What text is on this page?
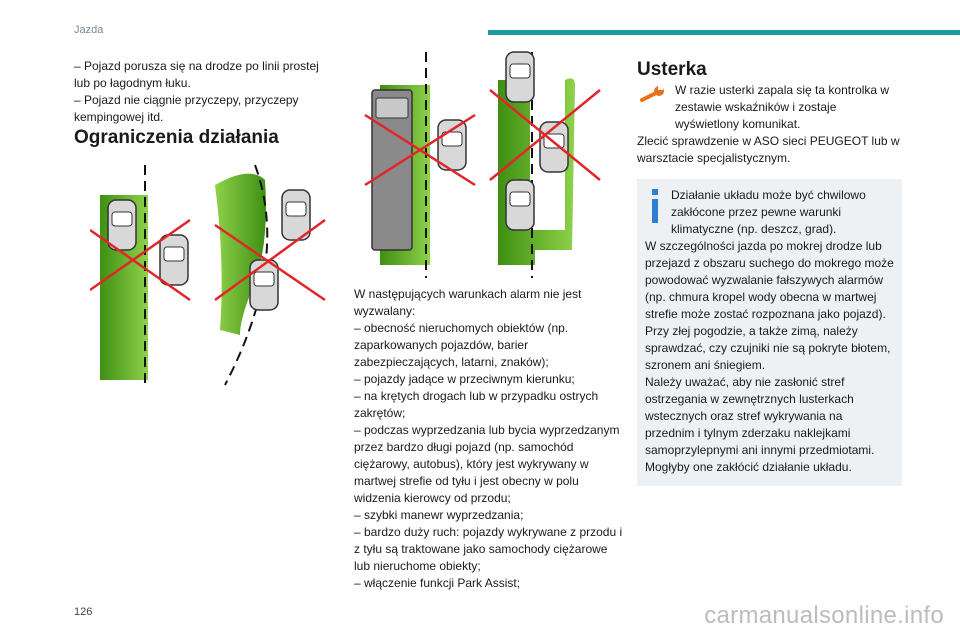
Jazda

– Pojazd porusza się na drodze po linii prostej lub po łagodnym łuku.

– Pojazd nie ciągnie przyczepy, przyczepy kempingowej itd.

Ograniczenia działania

W następujących warunkach alarm nie jest wyzwalany:

– obecność nieruchomych obiektów (np. zaparkowanych pojazdów, barier zabezpieczających, latarni, znaków);

– pojazdy jadące w przeciwnym kierunku;

– na krętych drogach lub w przypadku ostrych zakrętów;

– podczas wyprzedzania lub bycia wyprzedzanym przez bardzo długi pojazd (np. samochód ciężarowy, autobus), który jest wykrywany w martwej strefie od tyłu i jest obecny w polu widzenia kierowcy od przodu;

– szybki manewr wyprzedzania;

– bardzo duży ruch: pojazdy wykrywane z przodu i z tyłu są traktowane jako samochody ciężarowe lub nieruchome obiekty;

– włączenie funkcji Park Assist;

Usterka

W razie usterki zapala się ta kontrolka w zestawie wskaźników i zostaje wyświetlony komunikat.

Zlecić sprawdzenie w ASO sieci PEUGEOT lub w warsztacie specjalistycznym.

Działanie układu może być chwilowo zakłócone przez pewne warunki klimatyczne (np. deszcz, grad).

W szczególności jazda po mokrej drodze lub przejazd z obszaru suchego do mokrego może powodować wyzwalanie fałszywych alarmów (np. chmura kropel wody obecna w martwej strefie może zostać rozpoznana jako pojazd).

Przy złej pogodzie, a także zimą, należy sprawdzać, czy czujniki nie są pokryte błotem, szronem ani śniegiem.

Należy uważać, aby nie zasłonić stref ostrzegania w zewnętrznych lusterkach wstecznych oraz stref wykrywania na przednim i tylnym zderzaku naklejkami samoprzylepnymi ani innymi przedmiotami. Mogłyby one zakłócić działanie układu.

126	carmanualsonline.info
